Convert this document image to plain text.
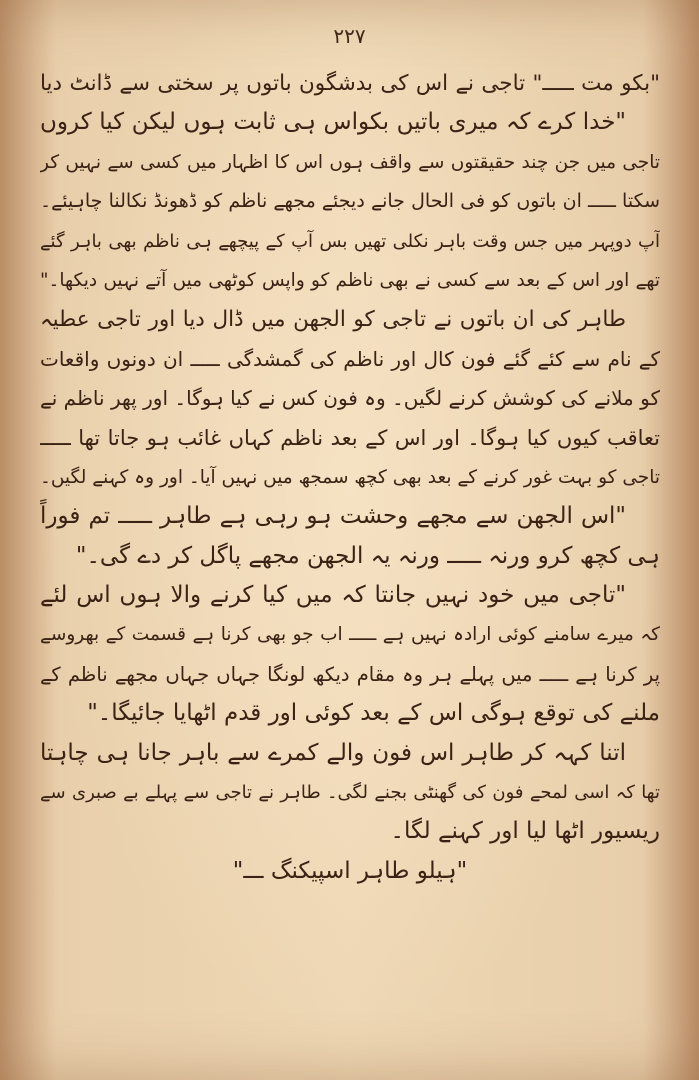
۲۲۷
"بکو مت ـــــ" تاجی نے اس کی بدشگون باتوں پر سختی سے ڈانٹ دیا
"خدا کرے کہ میری باتیں بکواس ہی ثابت ہوں لیکن کیا کروں
تاجی میں جن چند حقیقتوں سے واقف ہوں اس کا اظہار میں کسی سے نہیں کر
سکتا ـــــ ان باتوں کو فی الحال جانے دیجئے مجھے ناظم کو ڈھونڈ نکالنا چاہیئے۔
آپ دوپہر میں جس وقت باہر نکلی تھیں بس آپ کے پیچھے ہی ناظم بھی باہر گئے
تھے اور اس کے بعد سے کسی نے بھی ناظم کو واپس کوٹھی میں آتے نہیں دیکھا۔"
طاہر کی ان باتوں نے تاجی کو الجھن میں ڈال دیا اور تاجی عطیہ
کے نام سے کئے گئے فون کال اور ناظم کی گمشدگی ـــــ ان دونوں واقعات
کو ملانے کی کوشش کرنے لگیں۔ وہ فون کس نے کیا ہوگا۔ اور پھر ناظم نے
تعاقب کیوں کیا ہوگا۔ اور اس کے بعد ناظم کہاں غائب ہو جاتا تھا ـــــ
تاجی کو بہت غور کرنے کے بعد بھی کچھ سمجھ میں نہیں آیا۔ اور وہ کہنے لگیں۔
"اس الجھن سے مجھے وحشت ہو رہی ہے طاہر ـــــ تم فوراً
ہی کچھ کرو ورنہ ـــــ ورنہ یہ الجھن مجھے پاگل کر دے گی۔"
"تاجی میں خود نہیں جانتا کہ میں کیا کرنے والا ہوں اس لئے
کہ میرے سامنے کوئی ارادہ نہیں ہے ـــــ اب جو بھی کرنا ہے قسمت کے بھروسے
پر کرنا ہے ـــــ میں پہلے ہر وہ مقام دیکھ لونگا جہاں جہاں مجھے ناظم کے
ملنے کی توقع ہوگی اس کے بعد کوئی اور قدم اٹھایا جائیگا۔"
اتنا کہہ کر طاہر اس فون والے کمرے سے باہر جانا ہی چاہتا
تھا کہ اسی لمحے فون کی گھنٹی بجنے لگی۔ طاہر نے تاجی سے پہلے بے صبری سے
ریسیور اٹھا لیا اور کہنے لگا۔
"ہیلو طاہر اسپیکنگ ـــ"
